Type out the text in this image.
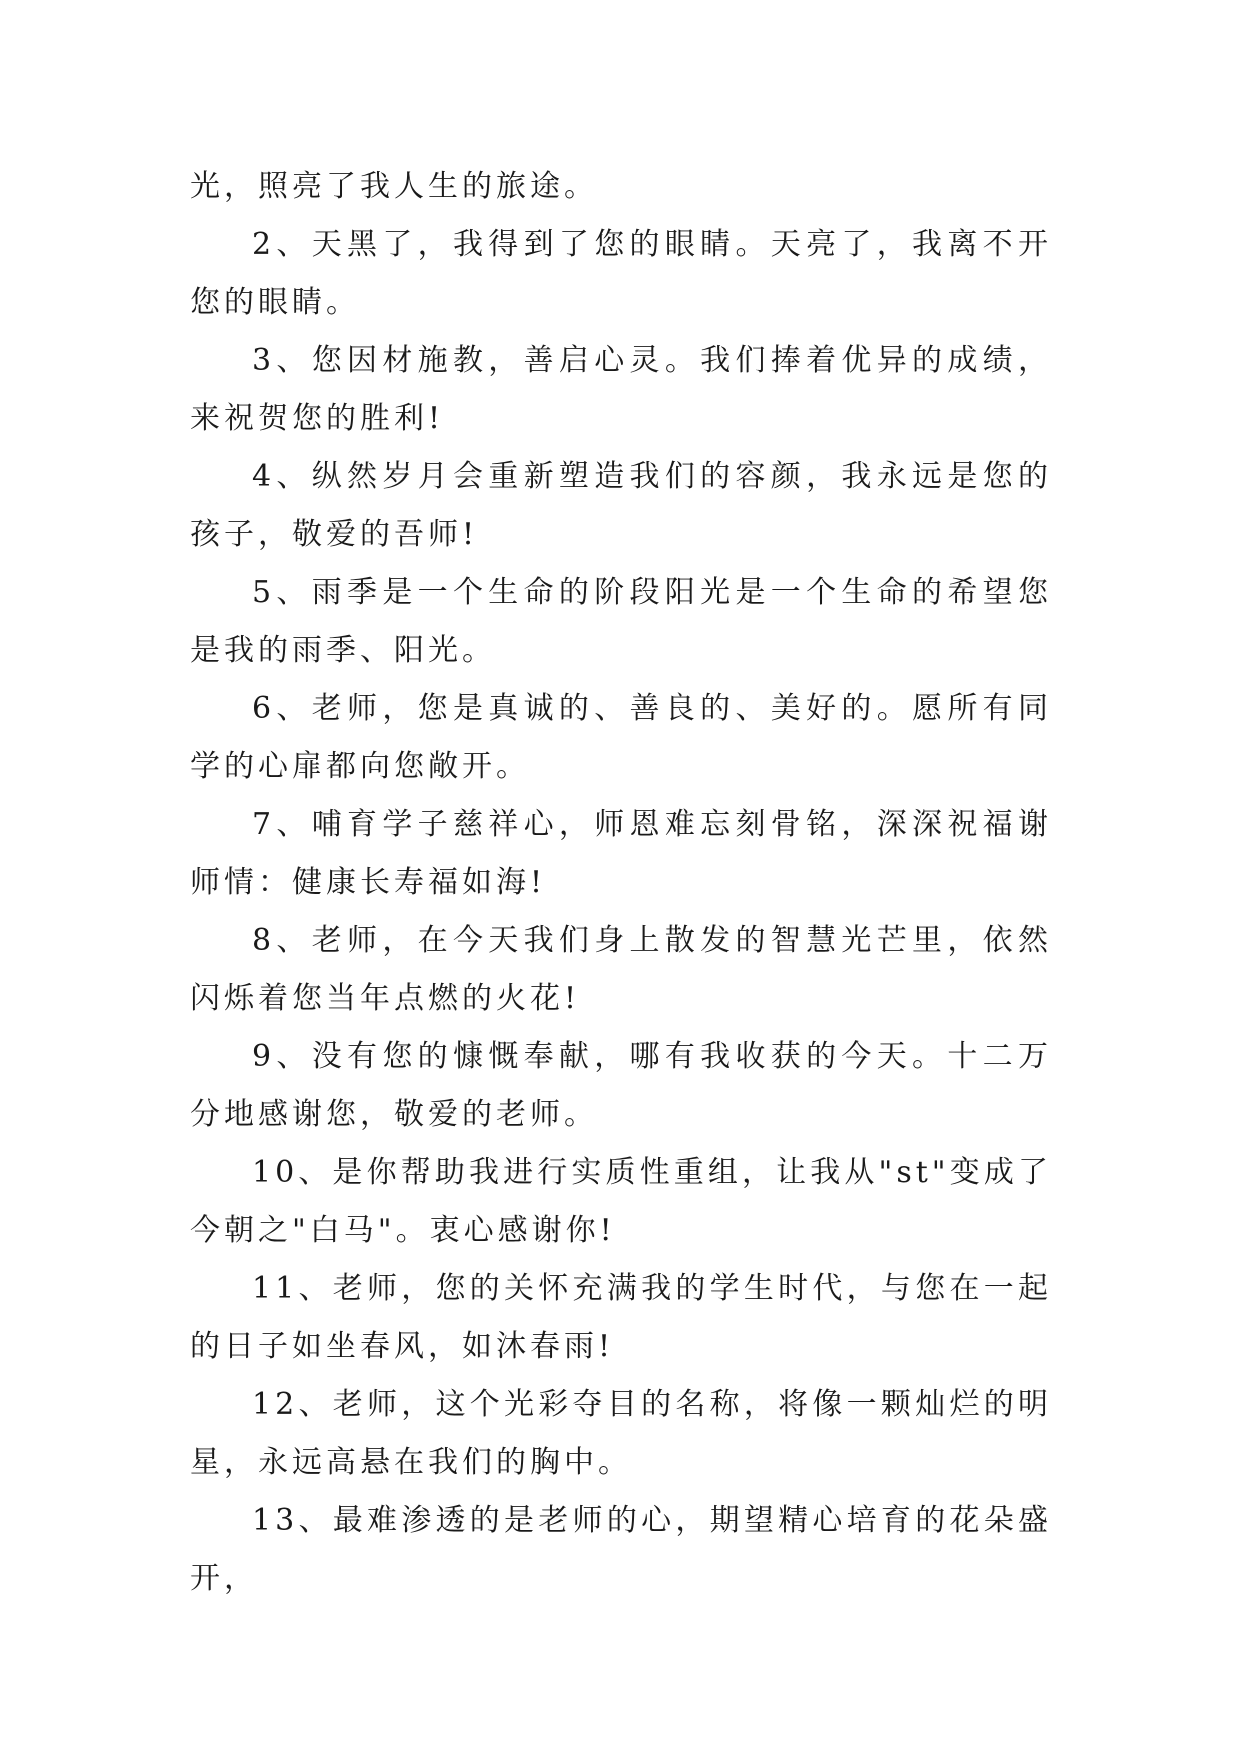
光，照亮了我人生的旅途。

2、天黑了，我得到了您的眼睛。天亮了，我离不开您的眼睛。

3、您因材施教，善启心灵。我们捧着优异的成绩，来祝贺您的胜利!

4、纵然岁月会重新塑造我们的容颜，我永远是您的孩子，敬爱的吾师!

5、雨季是一个生命的阶段阳光是一个生命的希望您是我的雨季、阳光。

6、老师，您是真诚的、善良的、美好的。愿所有同学的心扉都向您敞开。

7、哺育学子慈祥心，师恩难忘刻骨铭，深深祝福谢师情：健康长寿福如海!

8、老师，在今天我们身上散发的智慧光芒里，依然闪烁着您当年点燃的火花!

9、没有您的慷慨奉献，哪有我收获的今天。十二万分地感谢您，敬爱的老师。

10、是你帮助我进行实质性重组，让我从"st"变成了今朝之"白马"。衷心感谢你!

11、老师，您的关怀充满我的学生时代，与您在一起的日子如坐春风，如沐春雨!

12、老师，这个光彩夺目的名称，将像一颗灿烂的明星，永远高悬在我们的胸中。

13、最难渗透的是老师的心，期望精心培育的花朵盛开，
